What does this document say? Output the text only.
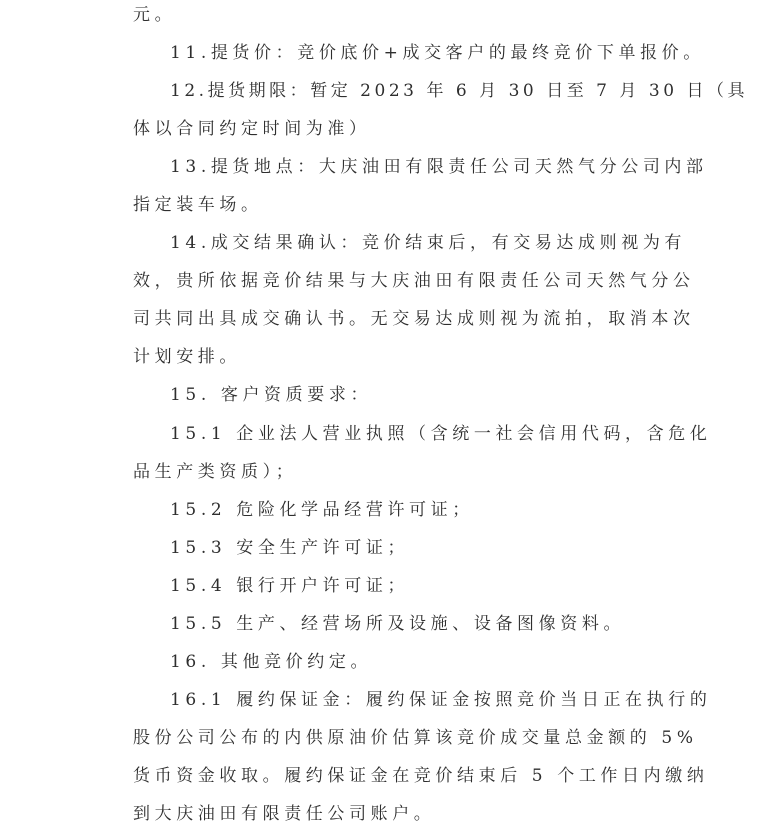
元。
11.提货价：竞价底价+成交客户的最终竞价下单报价。
12.提货期限：暂定 2023 年 6 月 30 日至 7 月 30 日（具
体以合同约定时间为准）
13.提货地点：大庆油田有限责任公司天然气分公司内部
指定装车场。
14.成交结果确认：竞价结束后，有交易达成则视为有
效，贵所依据竞价结果与大庆油田有限责任公司天然气分公
司共同出具成交确认书。无交易达成则视为流拍，取消本次
计划安排。
15. 客户资质要求：
15.1 企业法人营业执照（含统一社会信用代码，含危化
品生产类资质）；
15.2 危险化学品经营许可证；
15.3 安全生产许可证；
15.4 银行开户许可证；
15.5 生产、经营场所及设施、设备图像资料。
16. 其他竞价约定。
16.1 履约保证金：履约保证金按照竞价当日正在执行的
股份公司公布的内供原油价估算该竞价成交量总金额的 5%
货币资金收取。履约保证金在竞价结束后 5 个工作日内缴纳
到大庆油田有限责任公司账户。
